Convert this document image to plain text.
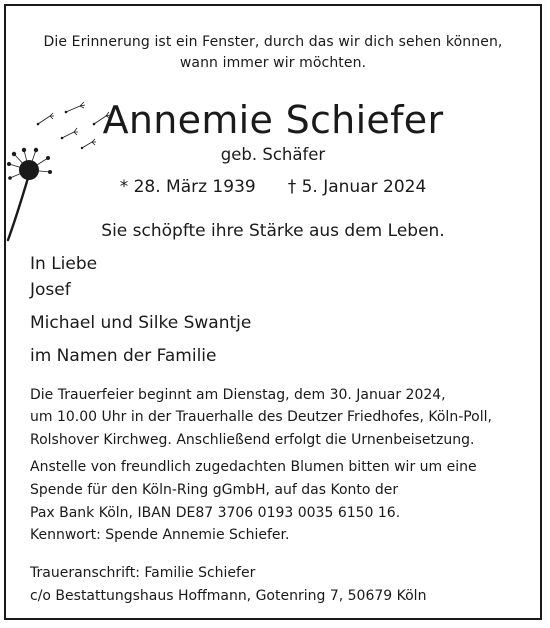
Die Erinnerung ist ein Fenster, durch das wir dich sehen können,
wann immer wir möchten.
Annemie Schiefer
geb. Schäfer
* 28. März 1939 † 5. Januar 2024
Sie schöpfte ihre Stärke aus dem Leben.
In Liebe
Josef
Michael und Silke Swantje
im Namen der Familie
Die Trauerfeier beginnt am Dienstag, dem 30. Januar 2024,
um 10.00 Uhr in der Trauerhalle des Deutzer Friedhofes, Köln-Poll,
Rolshover Kirchweg. Anschließend erfolgt die Urnenbeisetzung.
Anstelle von freundlich zugedachten Blumen bitten wir um eine
Spende für den Köln-Ring gGmbH, auf das Konto der
Pax Bank Köln, IBAN DE87 3706 0193 0035 6150 16.
Kennwort: Spende Annemie Schiefer.
Traueranschrift: Familie Schiefer
c/o Bestattungshaus Hoffmann, Gotenring 7, 50679 Köln
